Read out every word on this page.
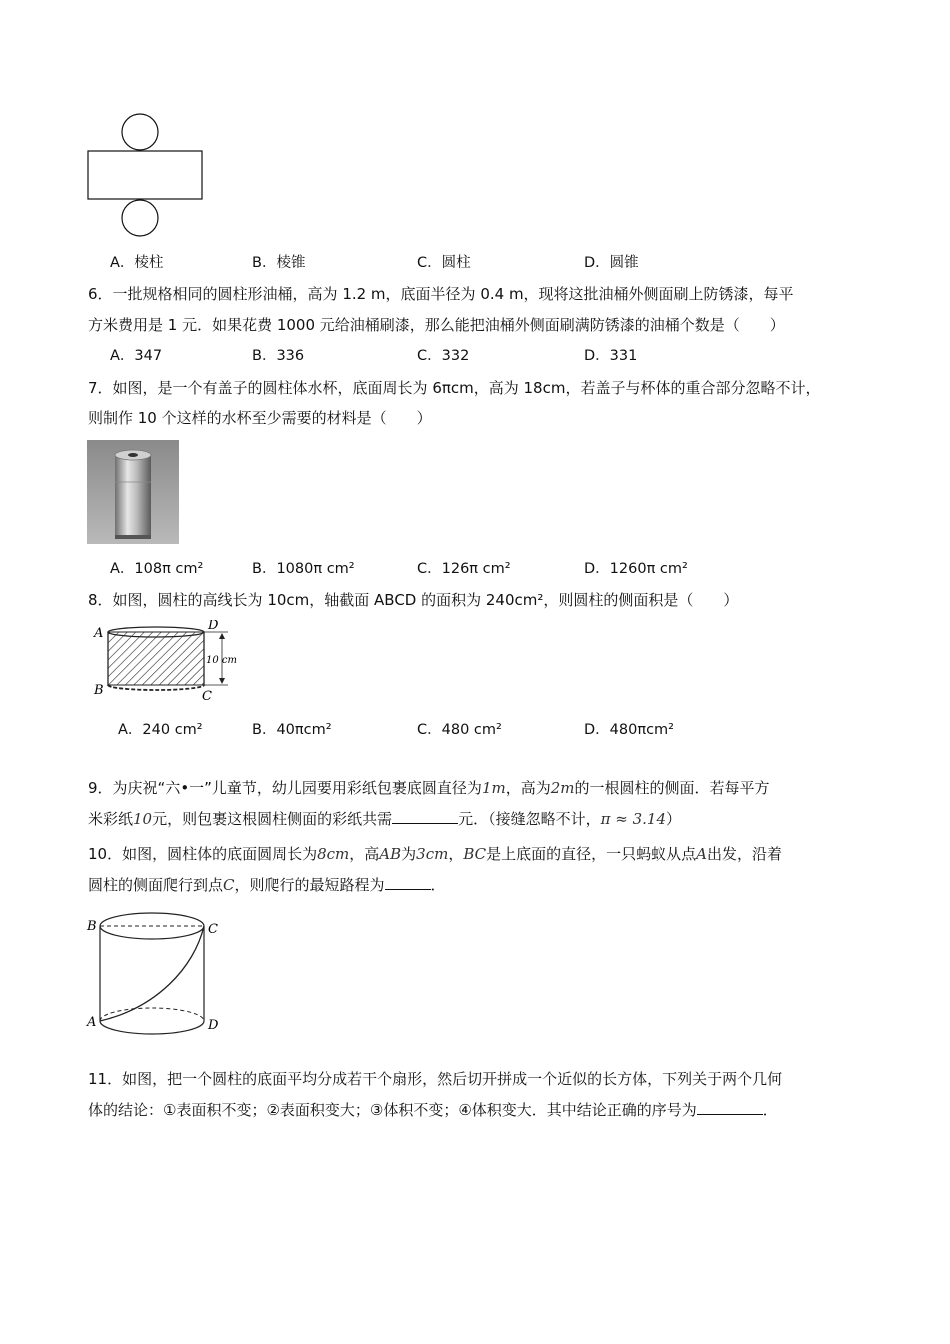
A．棱柱	B．棱锥	C．圆柱	D．圆锥
6．一批规格相同的圆柱形油桶，高为 1.2 m，底面半径为 0.4 m，现将这批油桶外侧面刷上防锈漆，每平
方米费用是 1 元．如果花费 1000 元给油桶刷漆，那么能把油桶外侧面刷满防锈漆的油桶个数是（　　）
A．347	B．336	C．332	D．331
7．如图，是一个有盖子的圆柱体水杯，底面周长为 6πcm，高为 18cm，若盖子与杯体的重合部分忽略不计，
则制作 10 个这样的水杯至少需要的材料是（　　）
A．108π cm²	B．1080π cm²	C．126π cm²	D．1260π cm²
8．如图，圆柱的高线长为 10cm，轴截面 ABCD 的面积为 240cm²，则圆柱的侧面积是（　　）
A
D
B	C
10 cm
A．240 cm²	B．40πcm²	C．480 cm²	D．480πcm²
9．为庆祝“六•一”儿童节，幼儿园要用彩纸包裹底圆直径为1m，高为2m的一根圆柱的侧面．若每平方
米彩纸10元，则包裹这根圆柱侧面的彩纸共需	元．（接缝忽略不计，π ≈ 3.14）
10．如图，圆柱体的底面圆周长为8cm，高AB为3cm，BC是上底面的直径，一只蚂蚁从点A出发，沿着
圆柱的侧面爬行到点C，则爬行的最短路程为	．
B	C
A	D
11．如图，把一个圆柱的底面平均分成若干个扇形，然后切开拼成一个近似的长方体，下列关于两个几何
体的结论：①表面积不变；②表面积变大；③体积不变；④体积变大．其中结论正确的序号为	．
